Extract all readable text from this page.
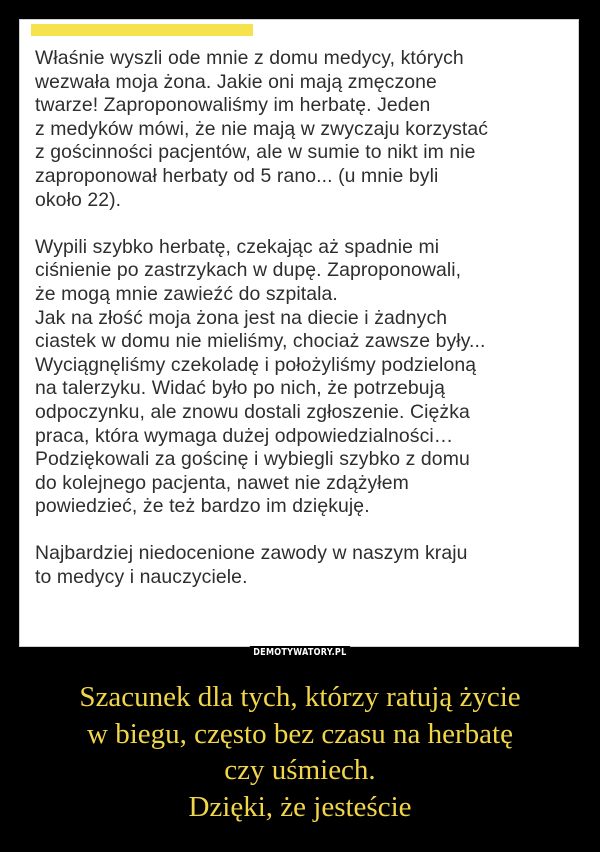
Właśnie wyszli ode mnie z domu medycy, których
wezwała moja żona. Jakie oni mają zmęczone
twarze! Zaproponowaliśmy im herbatę. Jeden
z medyków mówi, że nie mają w zwyczaju korzystać
z gościnności pacjentów, ale w sumie to nikt im nie
zaproponował herbaty od 5 rano... (u mnie byli
około 22).
Wypili szybko herbatę, czekając aż spadnie mi
ciśnienie po zastrzykach w dupę. Zaproponowali,
że mogą mnie zawieźć do szpitala.
Jak na złość moja żona jest na diecie i żadnych
ciastek w domu nie mieliśmy, chociaż zawsze były...
Wyciągnęliśmy czekoladę i położyliśmy podzieloną
na talerzyku. Widać było po nich, że potrzebują
odpoczynku, ale znowu dostali zgłoszenie. Ciężka
praca, która wymaga dużej odpowiedzialności…
Podziękowali za gościnę i wybiegli szybko z domu
do kolejnego pacjenta, nawet nie zdążyłem
powiedzieć, że też bardzo im dziękuję.
Najbardziej niedocenione zawody w naszym kraju
to medycy i nauczyciele.
DEMOTYWATORY.PL
Szacunek dla tych, którzy ratują życie
w biegu, często bez czasu na herbatę
czy uśmiech.
Dzięki, że jesteście
